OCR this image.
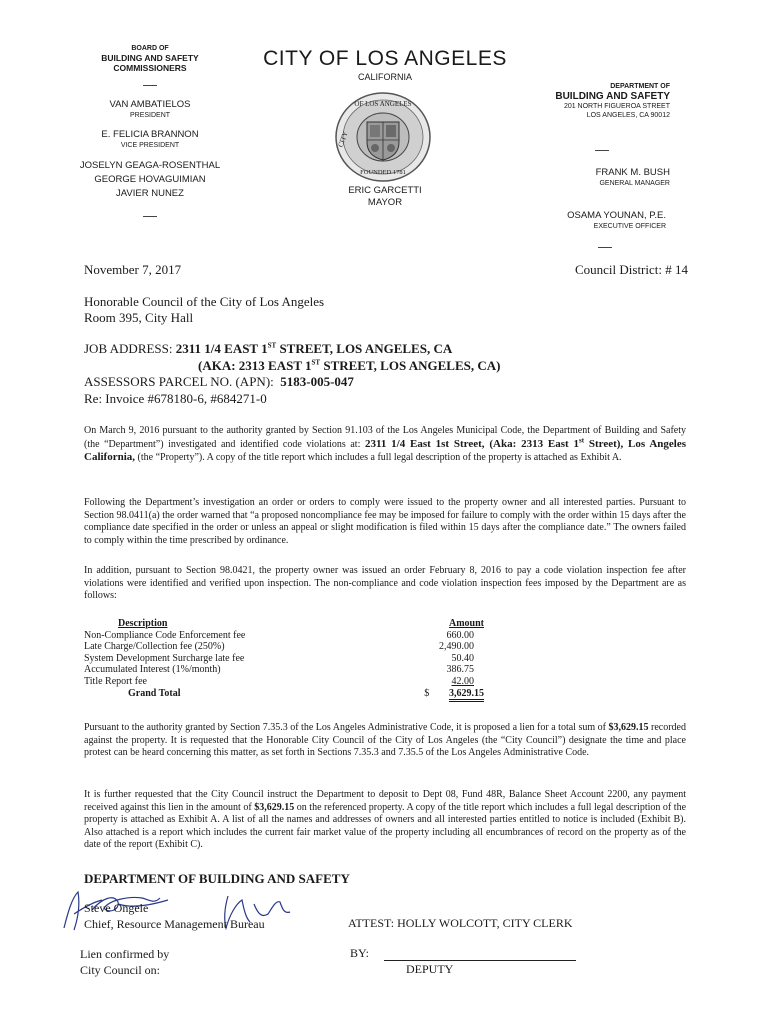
BOARD OF
BUILDING AND SAFETY
COMMISSIONERS
VAN AMBATIELOS
PRESIDENT
E. FELICIA BRANNON
VICE PRESIDENT
JOSELYN GEAGA-ROSENTHAL
GEORGE HOVAGUIMIAN
JAVIER NUNEZ
CITY OF LOS ANGELES
CALIFORNIA
OF LOS ANGELES
CITY
FOUNDED 1781
ERIC GARCETTI
MAYOR
DEPARTMENT OF
BUILDING AND SAFETY
201 NORTH FIGUEROA STREET
LOS ANGELES, CA 90012
FRANK M. BUSH
GENERAL MANAGER
OSAMA YOUNAN, P.E.
EXECUTIVE OFFICER
November 7, 2017	Council District: # 14
Honorable Council of the City of Los Angeles
Room 395, City Hall
JOB ADDRESS: 2311 1/4 EAST 1ST STREET, LOS ANGELES, CA
(AKA: 2313 EAST 1ST STREET, LOS ANGELES, CA)
ASSESSORS PARCEL NO. (APN): 5183-005-047
Re: Invoice #678180-6, #684271-0
On March 9, 2016 pursuant to the authority granted by Section 91.103 of the Los Angeles Municipal Code, the Department of Building and Safety (the “Department”) investigated and identified code violations at: 2311 1/4 East 1st Street, (Aka: 2313 East 1st Street), Los Angeles California, (the “Property”). A copy of the title report which includes a full legal description of the property is attached as Exhibit A.
Following the Department’s investigation an order or orders to comply were issued to the property owner and all interested parties. Pursuant to Section 98.0411(a) the order warned that “a proposed noncompliance fee may be imposed for failure to comply with the order within 15 days after the compliance date specified in the order or unless an appeal or slight modification is filed within 15 days after the compliance date.” The owners failed to comply within the time prescribed by ordinance.
In addition, pursuant to Section 98.0421, the property owner was issued an order February 8, 2016 to pay a code violation inspection fee after violations were identified and verified upon inspection. The non-compliance and code violation inspection fees imposed by the Department are as follows:
Description	Amount
Non-Compliance Code Enforcement fee	660.00
Late Charge/Collection fee (250%)	2,490.00
System Development Surcharge late fee	50.40
Accumulated Interest (1%/month)	386.75
Title Report fee	42.00
Grand Total	$	3,629.15
Pursuant to the authority granted by Section 7.35.3 of the Los Angeles Administrative Code, it is proposed a lien for a total sum of $3,629.15 recorded against the property. It is requested that the Honorable City Council of the City of Los Angeles (the “City Council”) designate the time and place protest can be heard concerning this matter, as set forth in Sections 7.35.3 and 7.35.5 of the Los Angeles Administrative Code.
It is further requested that the City Council instruct the Department to deposit to Dept 08, Fund 48R, Balance Sheet Account 2200, any payment received against this lien in the amount of $3,629.15 on the referenced property. A copy of the title report which includes a full legal description of the property is attached as Exhibit A. A list of all the names and addresses of owners and all interested parties entitled to notice is included (Exhibit B). Also attached is a report which includes the current fair market value of the property including all encumbrances of record on the property as of the date of the report (Exhibit C).
DEPARTMENT OF BUILDING AND SAFETY
Steve Ongele
Chief, Resource Management Bureau	ATTEST: HOLLY WOLCOTT, CITY CLERK
Lien confirmed by
City Council on:
BY:
DEPUTY
